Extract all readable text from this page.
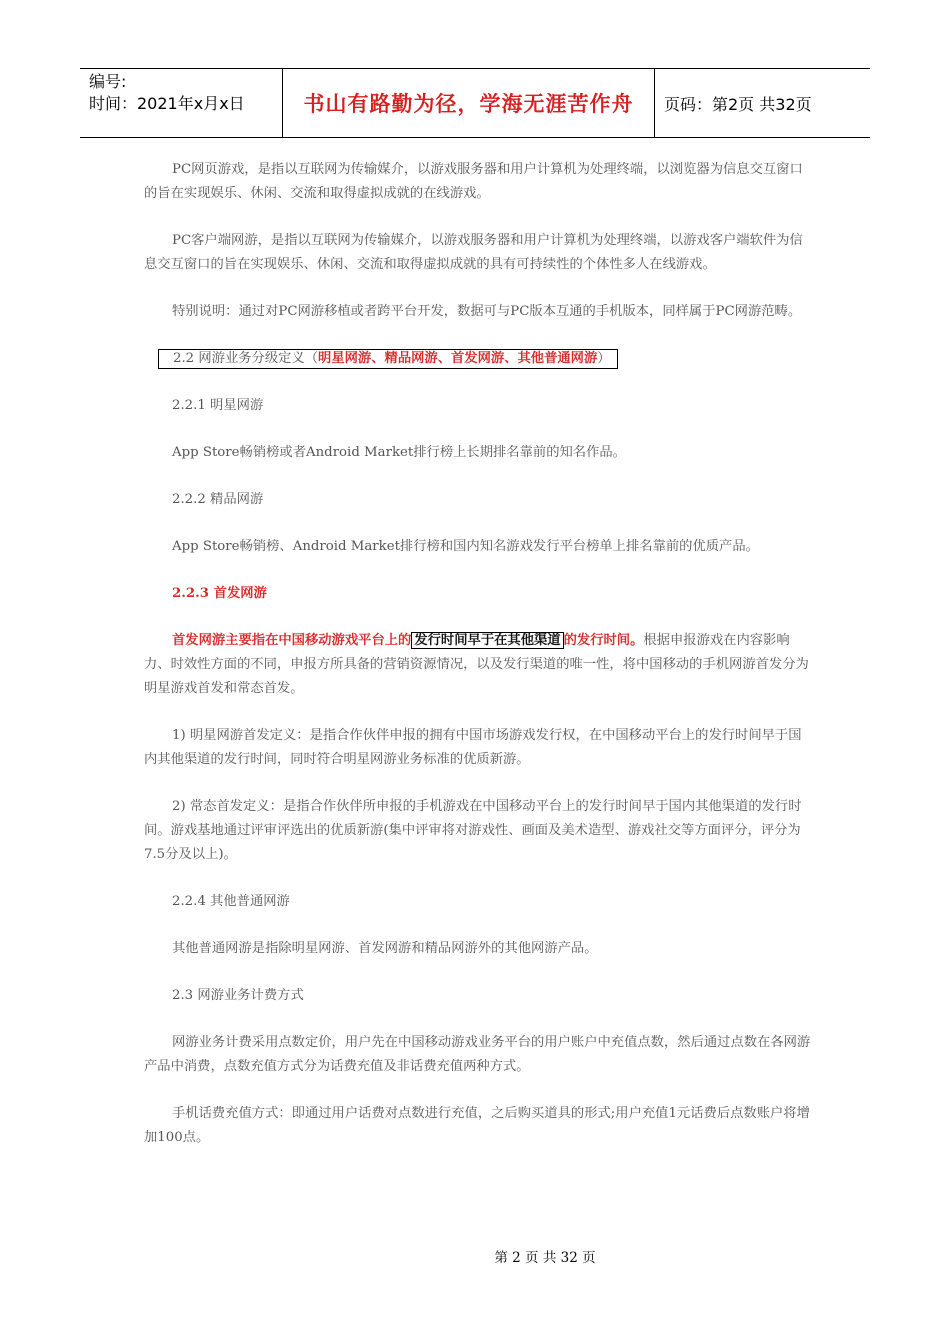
编号:
时间：2021年x月x日	书山有路勤为径，学海无涯苦作舟	页码：第2页 共32页

PC网页游戏，是指以互联网为传输媒介，以游戏服务器和用户计算机为处理终端，以浏览器为信息交互窗口的旨在实现娱乐、休闲、交流和取得虚拟成就的在线游戏。

PC客户端网游，是指以互联网为传输媒介，以游戏服务器和用户计算机为处理终端，以游戏客户端软件为信息交互窗口的旨在实现娱乐、休闲、交流和取得虚拟成就的具有可持续性的个体性多人在线游戏。

特别说明：通过对PC网游移植或者跨平台开发，数据可与PC版本互通的手机版本，同样属于PC网游范畴。

2.2 网游业务分级定义（明星网游、精品网游、首发网游、其他普通网游）

2.2.1 明星网游

App Store畅销榜或者Android Market排行榜上长期排名靠前的知名作品。

2.2.2 精品网游

App Store畅销榜、Android Market排行榜和国内知名游戏发行平台榜单上排名靠前的优质产品。

2.2.3 首发网游

首发网游主要指在中国移动游戏平台上的 发行时间早于在其他渠道 的发行时间。根据申报游戏在内容影响力、时效性方面的不同，申报方所具备的营销资源情况，以及发行渠道的唯一性，将中国移动的手机网游首发分为明星游戏首发和常态首发。

1) 明星网游首发定义：是指合作伙伴申报的拥有中国市场游戏发行权，在中国移动平台上的发行时间早于国内其他渠道的发行时间，同时符合明星网游业务标准的优质新游。

2) 常态首发定义：是指合作伙伴所申报的手机游戏在中国移动平台上的发行时间早于国内其他渠道的发行时间。游戏基地通过评审评选出的优质新游(集中评审将对游戏性、画面及美术造型、游戏社交等方面评分，评分为7.5分及以上)。

2.2.4 其他普通网游

其他普通网游是指除明星网游、首发网游和精品网游外的其他网游产品。

2.3 网游业务计费方式

网游业务计费采用点数定价，用户先在中国移动游戏业务平台的用户账户中充值点数，然后通过点数在各网游产品中消费，点数充值方式分为话费充值及非话费充值两种方式。

手机话费充值方式：即通过用户话费对点数进行充值，之后购买道具的形式;用户充值1元话费后点数账户将增加100点。

第 2 页 共 32 页
